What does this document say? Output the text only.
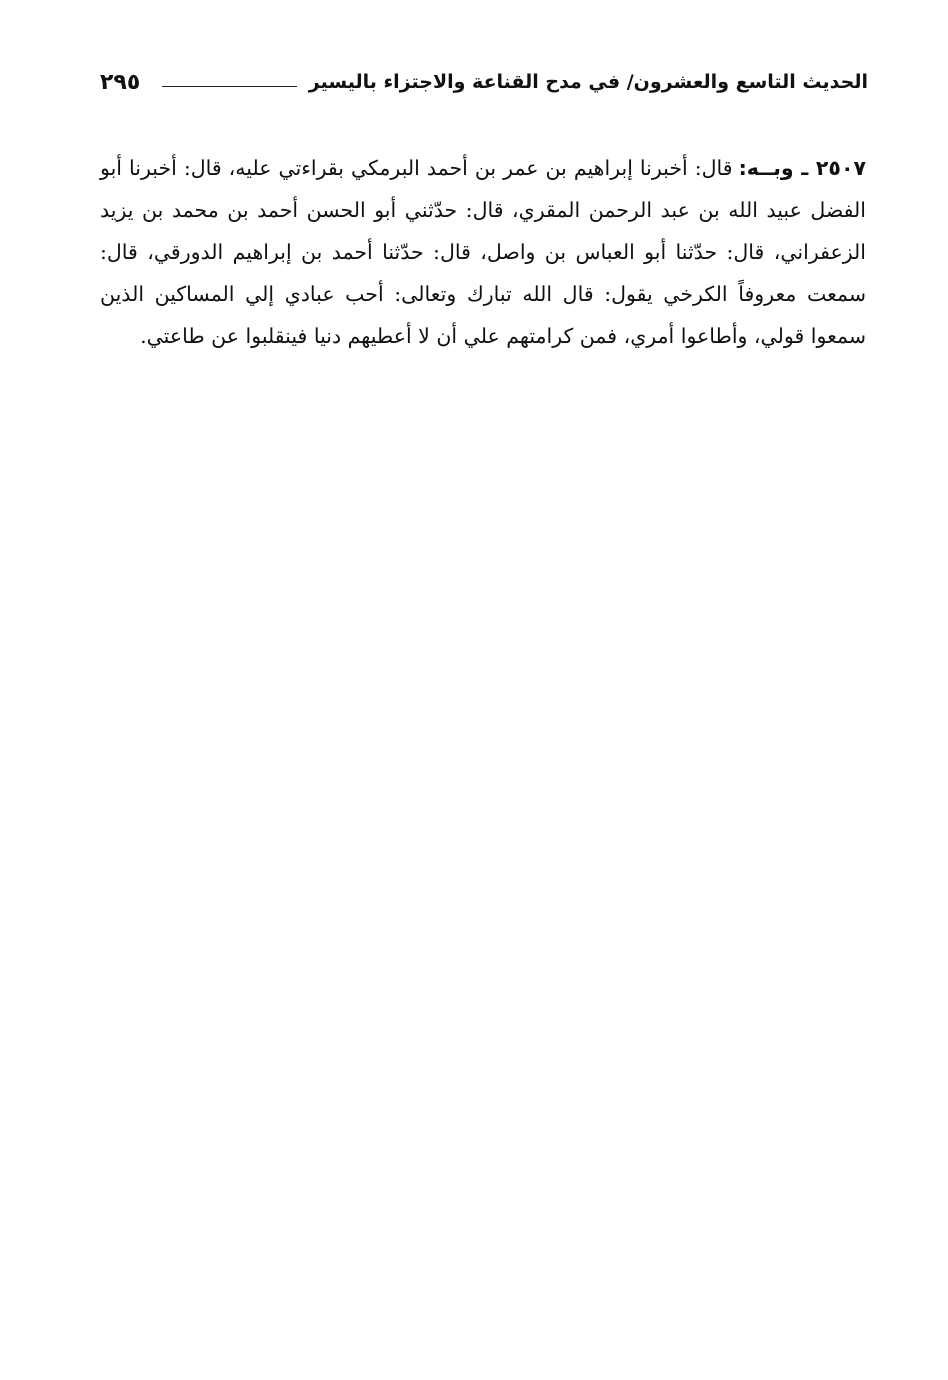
الحديث التاسع والعشرون/ في مدح القناعة والاجتزاء باليسير
٢٩٥

٢٥٠٧ ـ وبــه:قال: أخبرنا إبراهيم بن عمر بن أحمد البرمكي بقراءتي عليه، قال: أخبرنا أبو الفضل عبيد الله بن عبد الرحمن المقري، قال: حدّثني أبو الحسن أحمد بن محمد بن يزيد الزعفراني، قال: حدّثنا أبو العباس بن واصل، قال: حدّثنا أحمد بن إبراهيم الدورقي، قال: سمعت معروفاً الكرخي يقول: قال الله تبارك وتعالى: أحب عبادي إلي المساكين الذين سمعوا قولي، وأطاعوا أمري، فمن كرامتهم علي أن لا أعطيهم دنيا فينقلبوا عن طاعتي.
